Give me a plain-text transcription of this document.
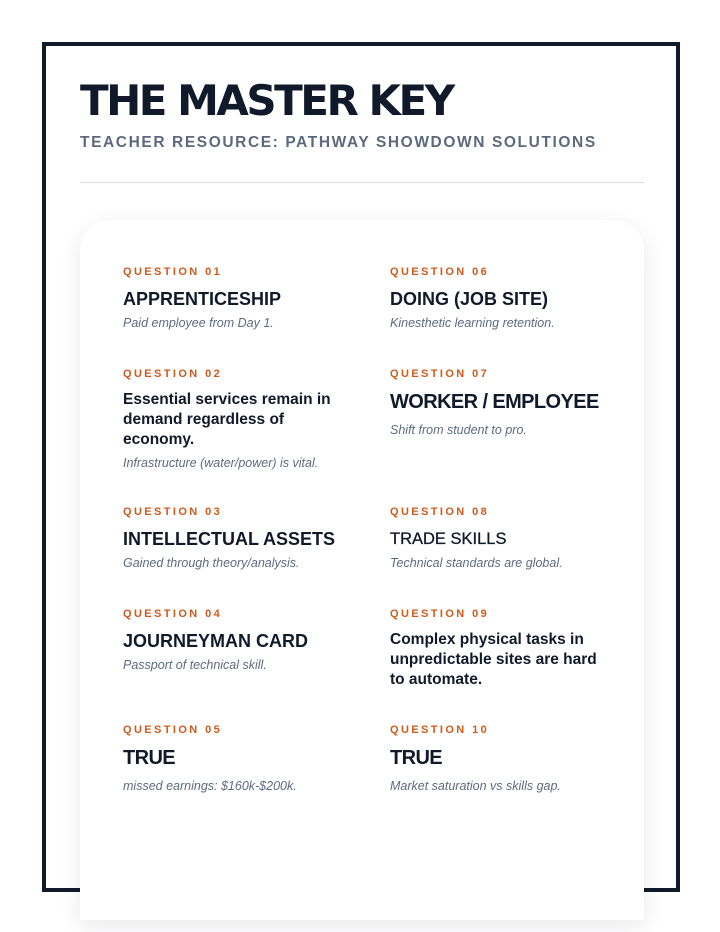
THE MASTER KEY

TEACHER RESOURCE: PATHWAY SHOWDOWN SOLUTIONS

QUESTION 01
APPRENTICESHIP
Paid employee from Day 1.
QUESTION 02
Essential services remain in demand regardless of economy.
Infrastructure (water/power) is vital.
QUESTION 03
INTELLECTUAL ASSETS
Gained through theory/analysis.
QUESTION 04
JOURNEYMAN CARD
Passport of technical skill.
QUESTION 05
TRUE
missed earnings: $160k-$200k.
QUESTION 06
DOING (JOB SITE)
Kinesthetic learning retention.
QUESTION 07
WORKER / EMPLOYEE
Shift from student to pro.
QUESTION 08
TRADE SKILLS
Technical standards are global.
QUESTION 09
Complex physical tasks in unpredictable sites are hard to automate.
QUESTION 10
TRUE
Market saturation vs skills gap.
